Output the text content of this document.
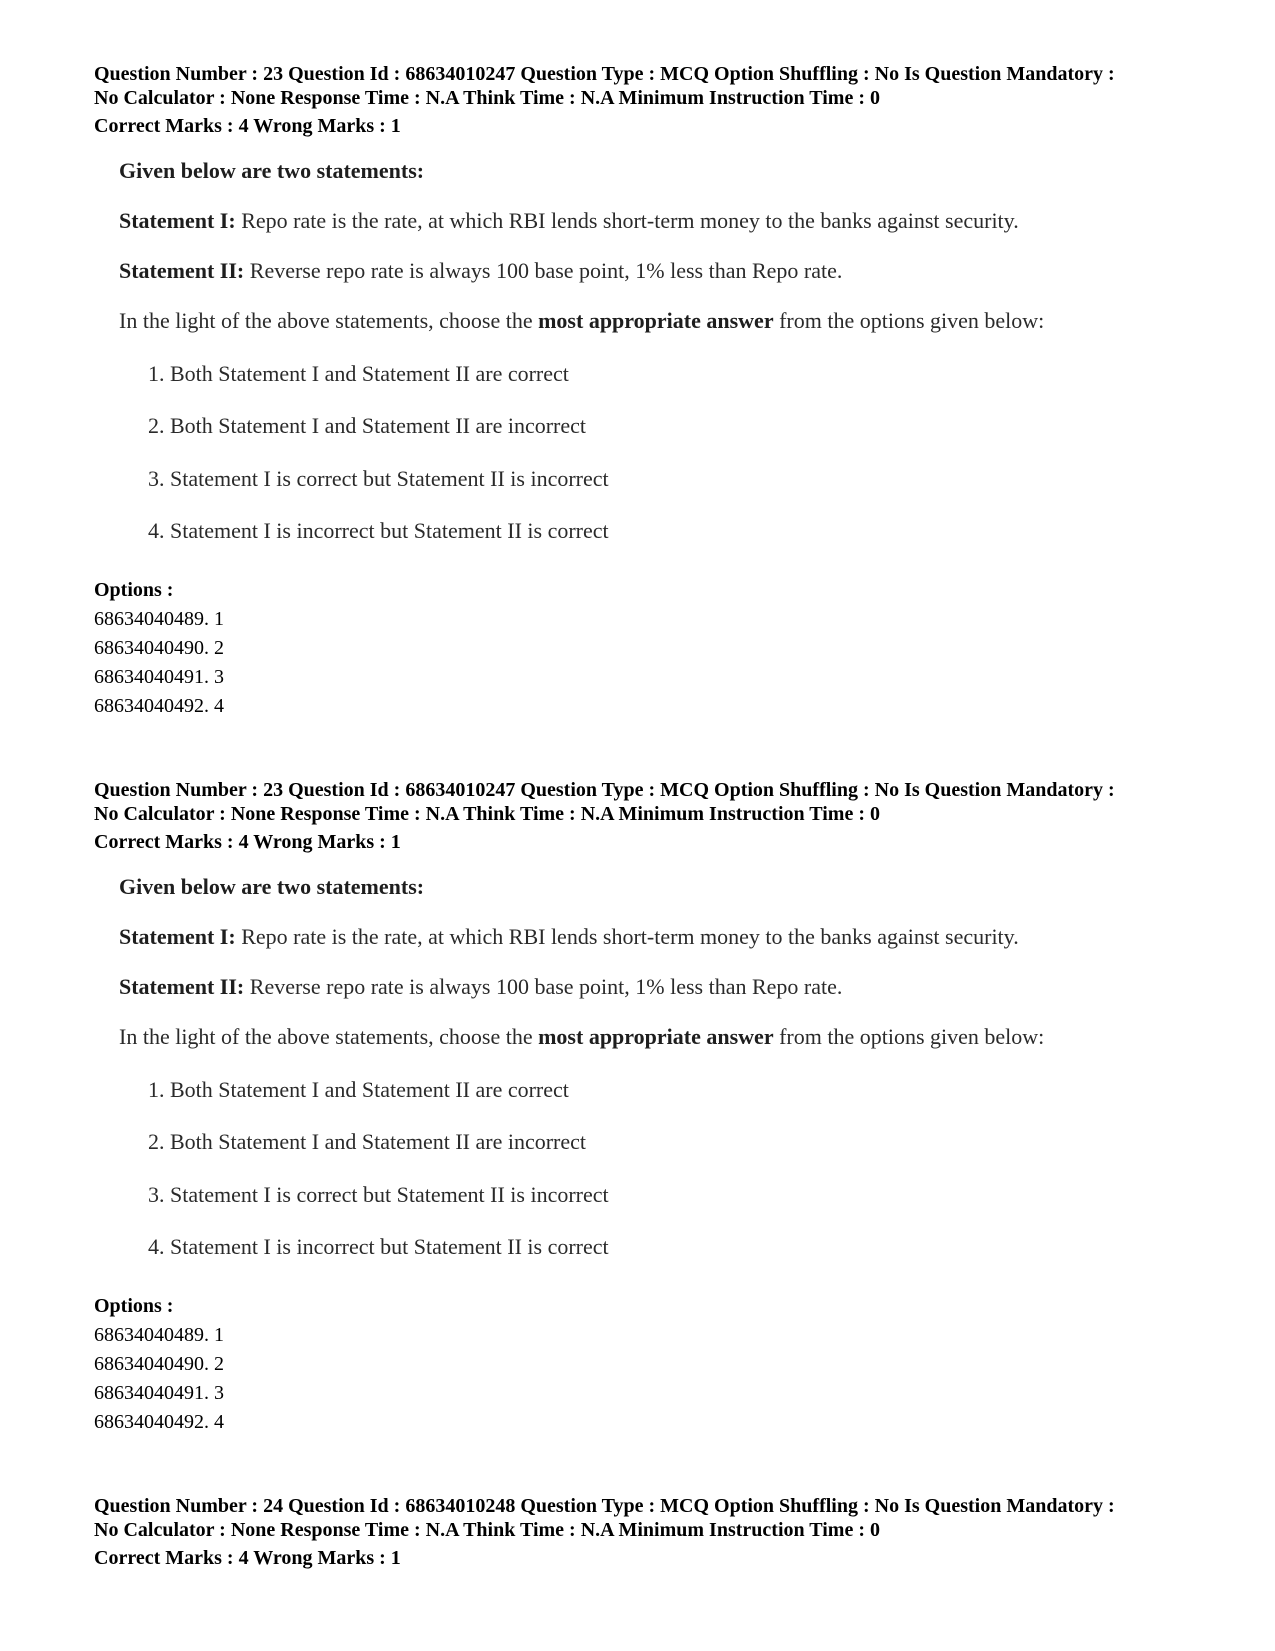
Question Number : 23 Question Id : 68634010247 Question Type : MCQ Option Shuffling : No Is Question Mandatory :
No Calculator : None Response Time : N.A Think Time : N.A Minimum Instruction Time : 0
Correct Marks : 4 Wrong Marks : 1
Given below are two statements:
Statement I: Repo rate is the rate, at which RBI lends short-term money to the banks against security.
Statement II: Reverse repo rate is always 100 base point, 1% less than Repo rate.
In the light of the above statements, choose the most appropriate answer from the options given below:
1. Both Statement I and Statement II are correct
2. Both Statement I and Statement II are incorrect
3. Statement I is correct but Statement II is incorrect
4. Statement I is incorrect but Statement II is correct
Options :
68634040489. 1
68634040490. 2
68634040491. 3
68634040492. 4
Question Number : 23 Question Id : 68634010247 Question Type : MCQ Option Shuffling : No Is Question Mandatory :
No Calculator : None Response Time : N.A Think Time : N.A Minimum Instruction Time : 0
Correct Marks : 4 Wrong Marks : 1
Given below are two statements:
Statement I: Repo rate is the rate, at which RBI lends short-term money to the banks against security.
Statement II: Reverse repo rate is always 100 base point, 1% less than Repo rate.
In the light of the above statements, choose the most appropriate answer from the options given below:
1. Both Statement I and Statement II are correct
2. Both Statement I and Statement II are incorrect
3. Statement I is correct but Statement II is incorrect
4. Statement I is incorrect but Statement II is correct
Options :
68634040489. 1
68634040490. 2
68634040491. 3
68634040492. 4
Question Number : 24 Question Id : 68634010248 Question Type : MCQ Option Shuffling : No Is Question Mandatory :
No Calculator : None Response Time : N.A Think Time : N.A Minimum Instruction Time : 0
Correct Marks : 4 Wrong Marks : 1
